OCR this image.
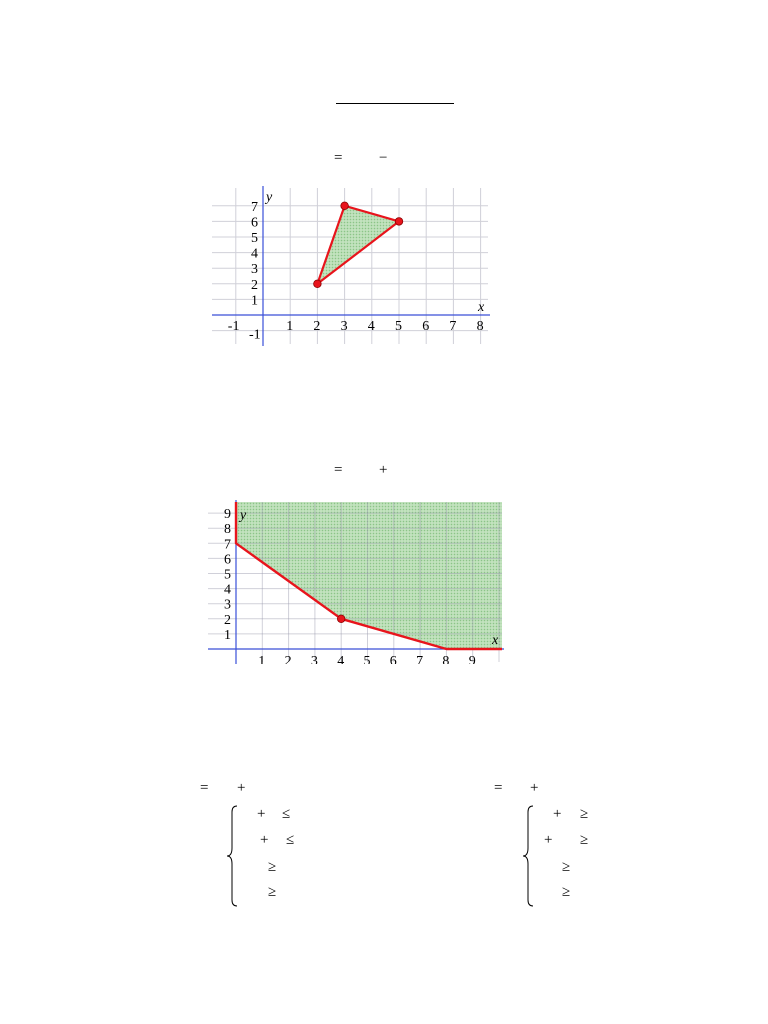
= −
-1	1 2 3 4 5 6 7 8
7
6
5
4
3
2
1
-1
x
y
= +
1 2 3 4 5 6 7 8 9
9
8
7
6
5
4
3
2
1	x
y
= +
+ ≤
+ ≤
≥
≥
= +
+ ≥
+ ≥
≥
≥
